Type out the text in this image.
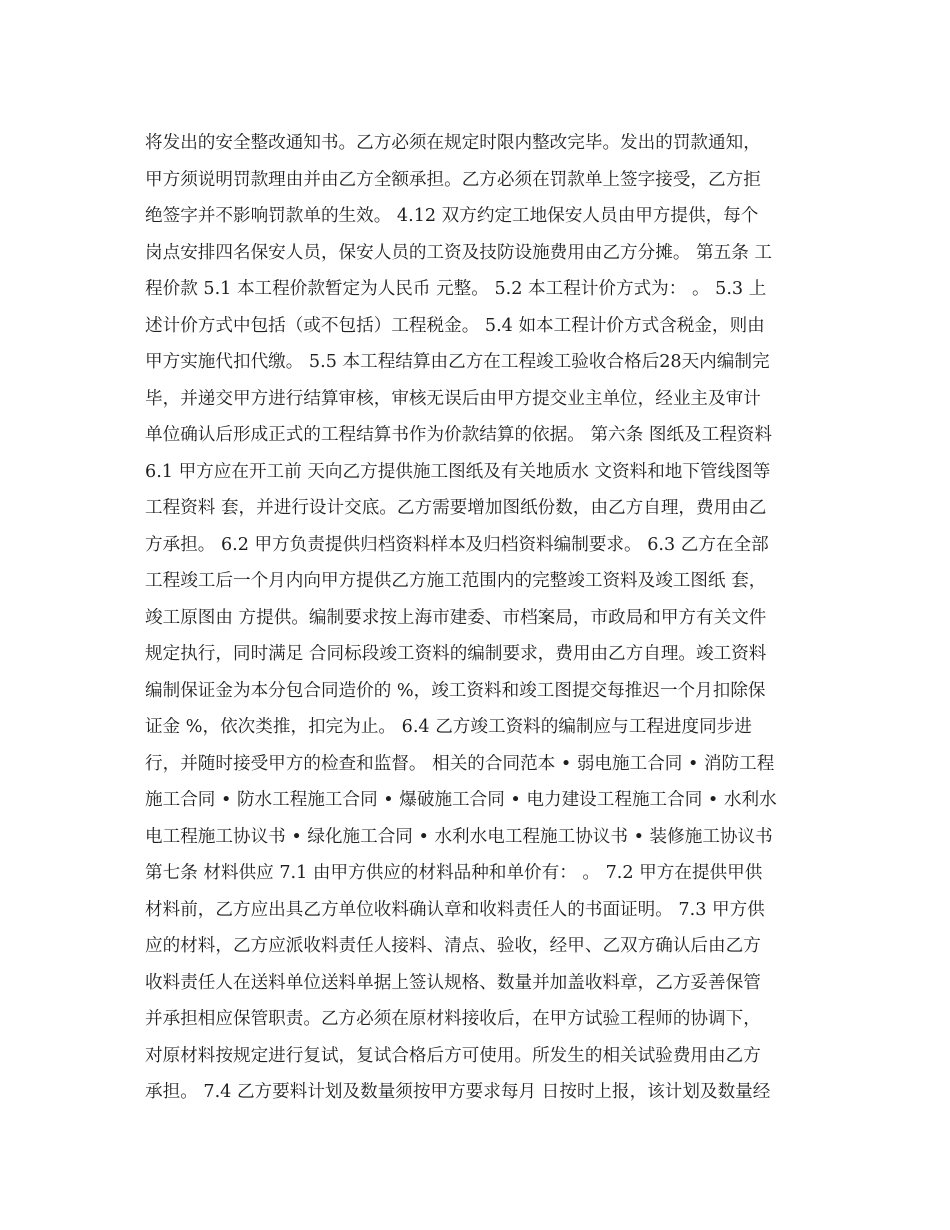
将发出的安全整改通知书。乙方必须在规定时限内整改完毕。发出的罚款通知，
甲方须说明罚款理由并由乙方全额承担。乙方必须在罚款单上签字接受，乙方拒
绝签字并不影响罚款单的生效。 4.12 双方约定工地保安人员由甲方提供，每个
岗点安排四名保安人员，保安人员的工资及技防设施费用由乙方分摊。 第五条 工
程价款 5.1 本工程价款暂定为人民币 元整。 5.2 本工程计价方式为： 。 5.3 上
述计价方式中包括（或不包括）工程税金。 5.4 如本工程计价方式含税金，则由
甲方实施代扣代缴。 5.5 本工程结算由乙方在工程竣工验收合格后28天内编制完
毕，并递交甲方进行结算审核，审核无误后由甲方提交业主单位，经业主及审计
单位确认后形成正式的工程结算书作为价款结算的依据。 第六条 图纸及工程资料
6.1 甲方应在开工前 天向乙方提供施工图纸及有关地质水 文资料和地下管线图等
工程资料 套，并进行设计交底。乙方需要增加图纸份数，由乙方自理，费用由乙
方承担。 6.2 甲方负责提供归档资料样本及归档资料编制要求。 6.3 乙方在全部
工程竣工后一个月内向甲方提供乙方施工范围内的完整竣工资料及竣工图纸 套，
竣工原图由 方提供。编制要求按上海市建委、市档案局，市政局和甲方有关文件
规定执行，同时满足 合同标段竣工资料的编制要求，费用由乙方自理。竣工资料
编制保证金为本分包合同造价的 %，竣工资料和竣工图提交每推迟一个月扣除保
证金 %，依次类推，扣完为止。 6.4 乙方竣工资料的编制应与工程进度同步进
行，并随时接受甲方的检查和监督。 相关的合同范本 • 弱电施工合同 • 消防工程
施工合同 • 防水工程施工合同 • 爆破施工合同 • 电力建设工程施工合同 • 水利水
电工程施工协议书 • 绿化施工合同 • 水利水电工程施工协议书 • 装修施工协议书
第七条 材料供应 7.1 由甲方供应的材料品种和单价有： 。 7.2 甲方在提供甲供
材料前，乙方应出具乙方单位收料确认章和收料责任人的书面证明。 7.3 甲方供
应的材料，乙方应派收料责任人接料、清点、验收，经甲、乙双方确认后由乙方
收料责任人在送料单位送料单据上签认规格、数量并加盖收料章，乙方妥善保管
并承担相应保管职责。乙方必须在原材料接收后，在甲方试验工程师的协调下，
对原材料按规定进行复试，复试合格后方可使用。所发生的相关试验费用由乙方
承担。 7.4 乙方要料计划及数量须按甲方要求每月 日按时上报，该计划及数量经
